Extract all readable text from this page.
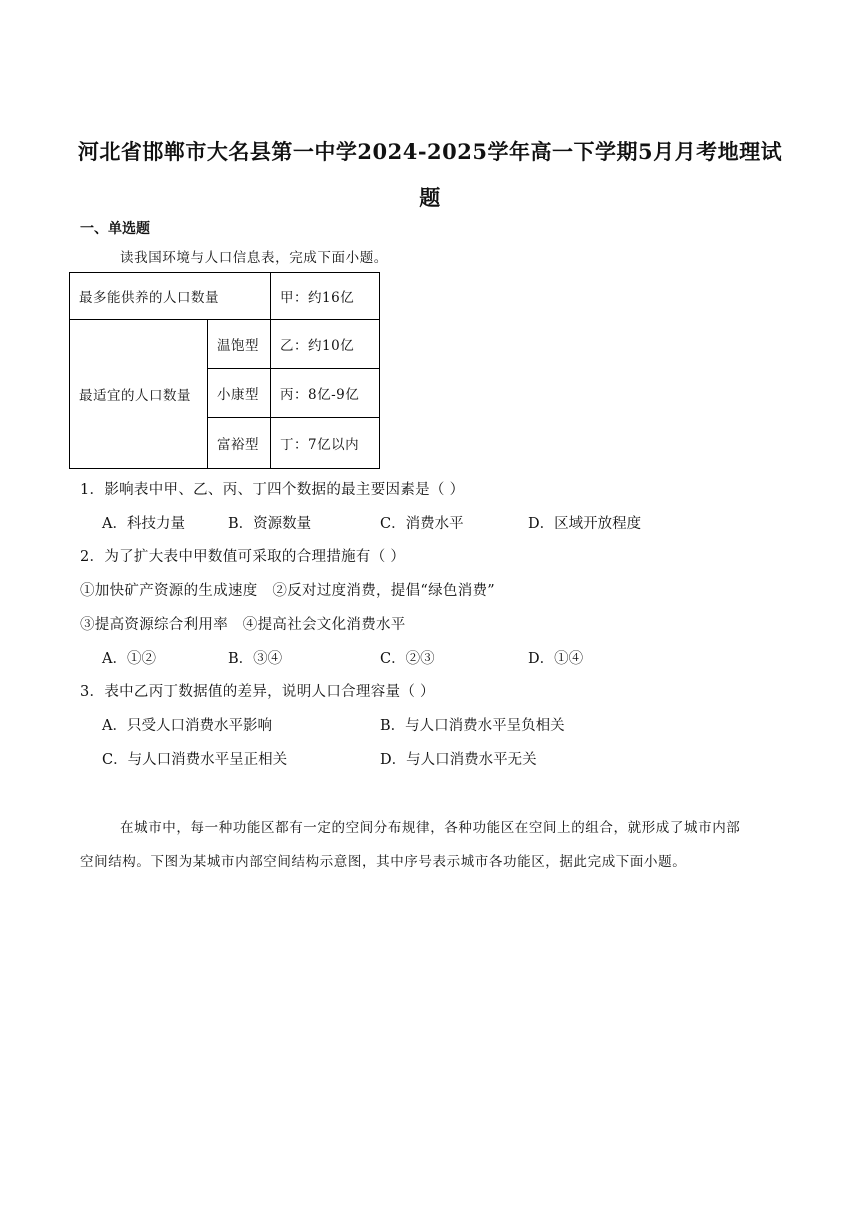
河北省邯郸市大名县第一中学2024-2025学年高一下学期5月月考地理试
题
一、单选题
读我国环境与人口信息表，完成下面小题。
最多能供养的人口数量		甲：约16亿
最适宜的人口数量	温饱型	乙：约10亿
	小康型	丙：8亿-9亿
	富裕型	丁：7亿以内
1．影响表中甲、乙、丙、丁四个数据的最主要因素是（ ）
A．科技力量	B．资源数量	C．消费水平	D．区域开放程度
2．为了扩大表中甲数值可采取的合理措施有（ ）
①加快矿产资源的生成速度　②反对过度消费，提倡“绿色消费”
③提高资源综合利用率　④提高社会文化消费水平
A．①②	B．③④	C．②③	D．①④
3．表中乙丙丁数据值的差异，说明人口合理容量（ ）
A．只受人口消费水平影响	B．与人口消费水平呈负相关
C．与人口消费水平呈正相关	D．与人口消费水平无关
在城市中，每一种功能区都有一定的空间分布规律，各种功能区在空间上的组合，就形成了城市内部
空间结构。下图为某城市内部空间结构示意图，其中序号表示城市各功能区，据此完成下面小题。
